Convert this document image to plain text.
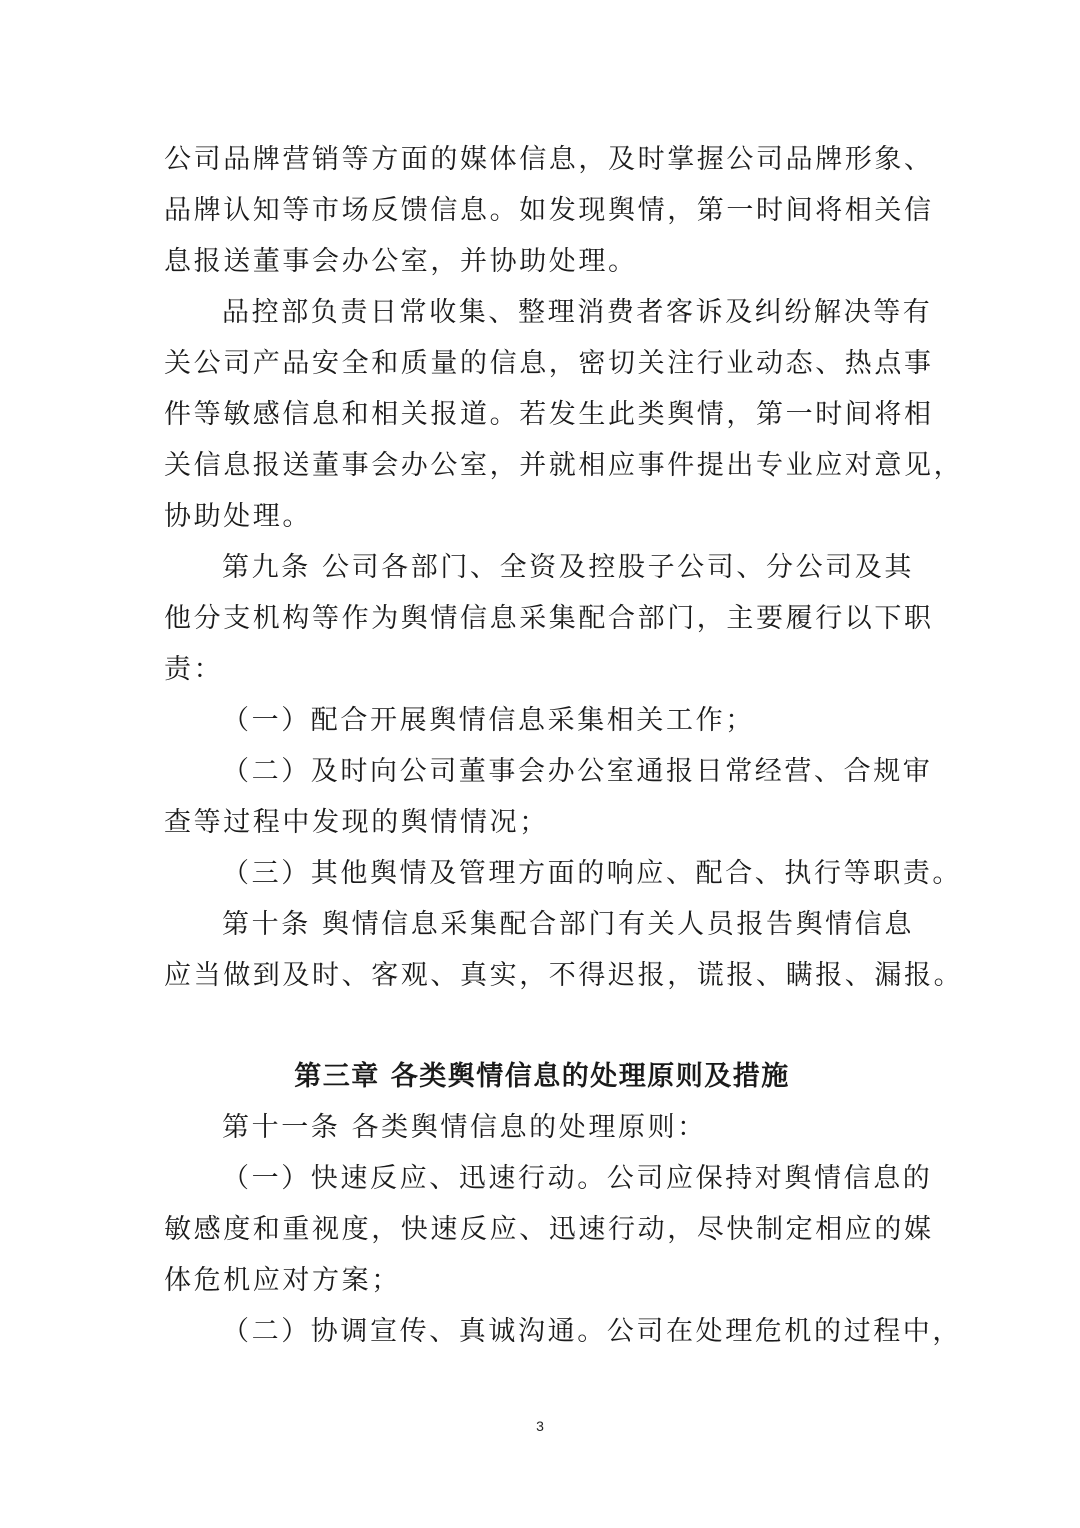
公司品牌营销等方面的媒体信息，及时掌握公司品牌形象、
品牌认知等市场反馈信息。如发现舆情，第一时间将相关信
息报送董事会办公室，并协助处理。
品控部负责日常收集、整理消费者客诉及纠纷解决等有
关公司产品安全和质量的信息，密切关注行业动态、热点事
件等敏感信息和相关报道。若发生此类舆情，第一时间将相
关信息报送董事会办公室，并就相应事件提出专业应对意见，
协助处理。
第九条 公司各部门、全资及控股子公司、分公司及其
他分支机构等作为舆情信息采集配合部门，主要履行以下职
责：
（一）配合开展舆情信息采集相关工作；
（二）及时向公司董事会办公室通报日常经营、合规审
查等过程中发现的舆情情况；
（三）其他舆情及管理方面的响应、配合、执行等职责。
第十条 舆情信息采集配合部门有关人员报告舆情信息
应当做到及时、客观、真实，不得迟报，谎报、瞒报、漏报。
第三章 各类舆情信息的处理原则及措施
第十一条 各类舆情信息的处理原则：
（一）快速反应、迅速行动。公司应保持对舆情信息的
敏感度和重视度，快速反应、迅速行动，尽快制定相应的媒
体危机应对方案；
（二）协调宣传、真诚沟通。公司在处理危机的过程中，
3
